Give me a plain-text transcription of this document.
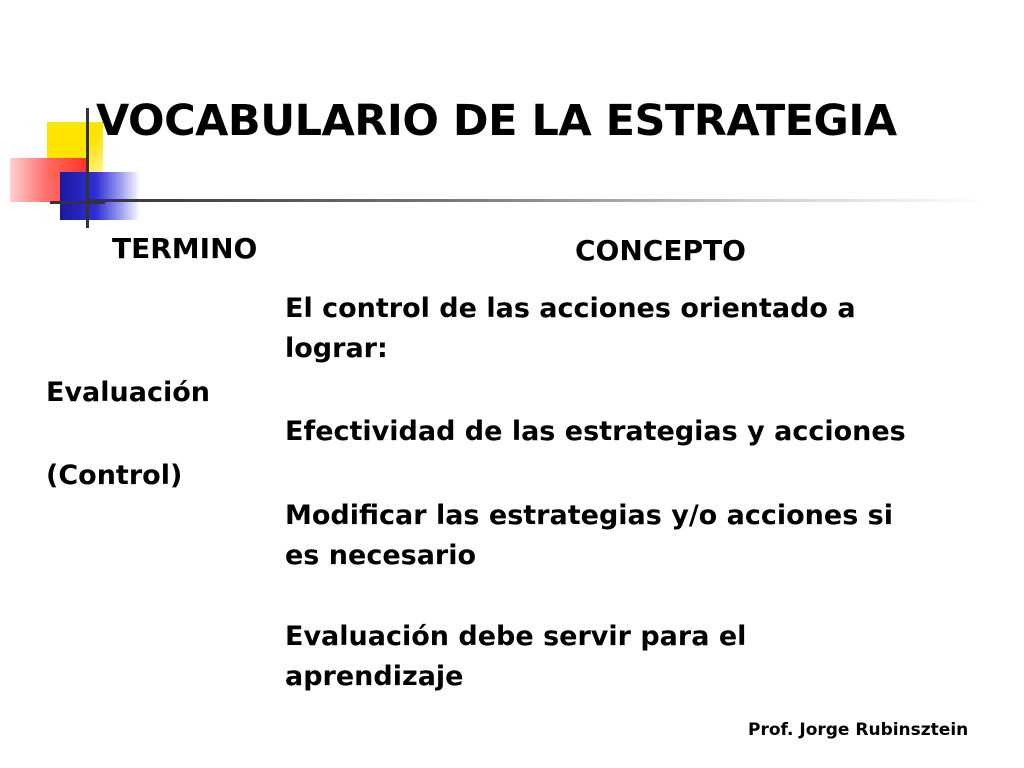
VOCABULARIO DE LA ESTRATEGIA
TERMINO	CONCEPTO
Evaluación
(Control)
El control de las acciones orientado a
lograr:
Efectividad de las estrategias y acciones
Modificar las estrategias y/o acciones si
es necesario
Evaluación debe servir para el
aprendizaje
Prof. Jorge Rubinsztein
